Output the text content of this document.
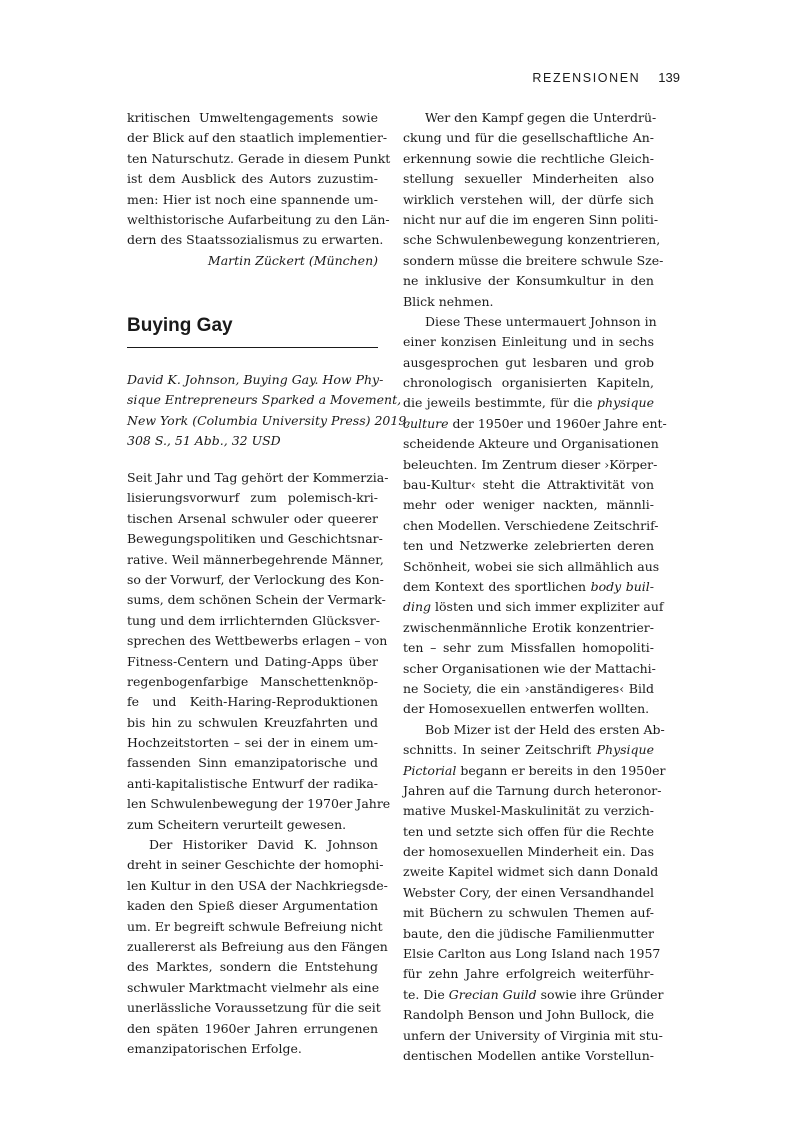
REZENSIONEN 139
kritischen Umweltengagements sowie
der Blick auf den staatlich implementier-
ten Naturschutz. Gerade in diesem Punkt
ist dem Ausblick des Autors zuzustim-
men: Hier ist noch eine spannende um-
welthistorische Aufarbeitung zu den Län-
dern des Staatssozialismus zu erwarten.
Martin Zückert (München)
Buying Gay
David K. Johnson, Buying Gay. How Phy-
sique Entrepreneurs Sparked a Movement,
New York (Columbia University Press) 2019,
308 S., 51 Abb., 32 USD
Seit Jahr und Tag gehört der Kommerzia-
lisierungsvorwurf zum polemisch-kri-
tischen Arsenal schwuler oder queerer
Bewegungspolitiken und Geschichtsnar-
rative. Weil männerbegehrende Männer,
so der Vorwurf, der Verlockung des Kon-
sums, dem schönen Schein der Vermark-
tung und dem irrlichternden Glücksver-
sprechen des Wettbewerbs erlagen – von
Fitness-Centern und Dating-Apps über
regenbogenfarbige Manschettenknöp-
fe und Keith-Haring-Reproduktionen
bis hin zu schwulen Kreuzfahrten und
Hochzeitstorten – sei der in einem um-
fassenden Sinn emanzipatorische und
anti-kapitalistische Entwurf der radika-
len Schwulenbewegung der 1970er Jahre
zum Scheitern verurteilt gewesen.
Der Historiker David K. Johnson
dreht in seiner Geschichte der homophi-
len Kultur in den USA der Nachkriegsde-
kaden den Spieß dieser Argumentation
um. Er begreift schwule Befreiung nicht
zuallererst als Befreiung aus den Fängen
des Marktes, sondern die Entstehung
schwuler Marktmacht vielmehr als eine
unerlässliche Voraussetzung für die seit
den späten 1960er Jahren errungenen
emanzipatorischen Erfolge.
Wer den Kampf gegen die Unterdrü-
ckung und für die gesellschaftliche An-
erkennung sowie die rechtliche Gleich-
stellung sexueller Minderheiten also
wirklich verstehen will, der dürfe sich
nicht nur auf die im engeren Sinn politi-
sche Schwulenbewegung konzentrieren,
sondern müsse die breitere schwule Sze-
ne inklusive der Konsumkultur in den
Blick nehmen.
Diese These untermauert Johnson in
einer konzisen Einleitung und in sechs
ausgesprochen gut lesbaren und grob
chronologisch organisierten Kapiteln,
die jeweils bestimmte, für die physique
culture der 1950er und 1960er Jahre ent-
scheidende Akteure und Organisationen
beleuchten. Im Zentrum dieser ›Körper-
bau-Kultur‹ steht die Attraktivität von
mehr oder weniger nackten, männli-
chen Modellen. Verschiedene Zeitschrif-
ten und Netzwerke zelebrierten deren
Schönheit, wobei sie sich allmählich aus
dem Kontext des sportlichen body buil-
ding lösten und sich immer expliziter auf
zwischenmännliche Erotik konzentrier-
ten – sehr zum Missfallen homopoliti-
scher Organisationen wie der Mattachi-
ne Society, die ein ›anständigeres‹ Bild
der Homosexuellen entwerfen wollten.
Bob Mizer ist der Held des ersten Ab-
schnitts. In seiner Zeitschrift Physique
Pictorial begann er bereits in den 1950er
Jahren auf die Tarnung durch heteronor-
mative Muskel-Maskulinität zu verzich-
ten und setzte sich offen für die Rechte
der homosexuellen Minderheit ein. Das
zweite Kapitel widmet sich dann Donald
Webster Cory, der einen Versandhandel
mit Büchern zu schwulen Themen auf-
baute, den die jüdische Familienmutter
Elsie Carlton aus Long Island nach 1957
für zehn Jahre erfolgreich weiterführ-
te. Die Grecian Guild sowie ihre Gründer
Randolph Benson und John Bullock, die
unfern der University of Virginia mit stu-
dentischen Modellen antike Vorstellun-
